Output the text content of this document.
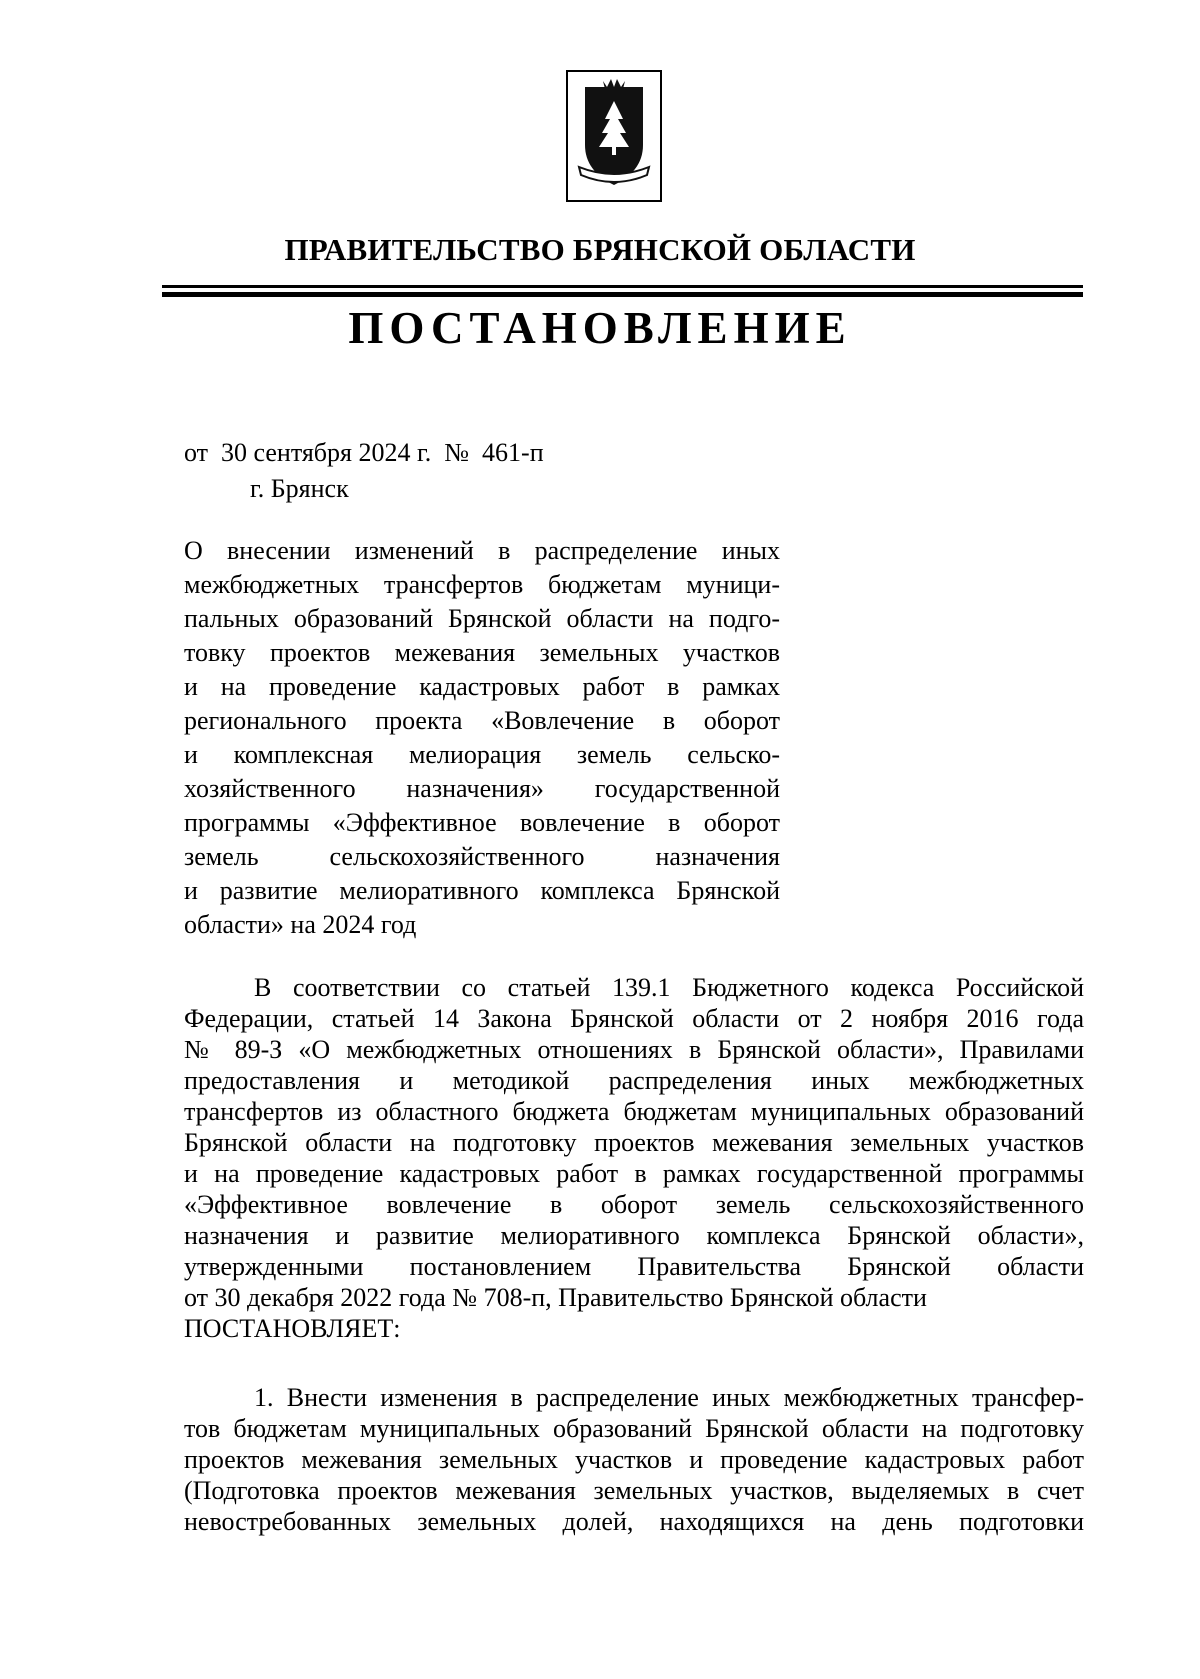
ПРАВИТЕЛЬСТВО БРЯНСКОЙ ОБЛАСТИ
ПОСТАНОВЛЕНИЕ
от  30 сентября 2024 г.  №  461-п
г. Брянск
О внесении изменений в распределение иных
межбюджетных трансфертов бюджетам муници-
пальных образований Брянской области на подго-
товку проектов межевания земельных участков
и на проведение кадастровых работ в рамках
регионального проекта «Вовлечение в оборот
и комплексная мелиорация земель сельско-
хозяйственного назначения» государственной
программы «Эффективное вовлечение в оборот
земель сельскохозяйственного назначения
и развитие мелиоративного комплекса Брянской
области» на 2024 год
В соответствии со статьей 139.1 Бюджетного кодекса Российской
Федерации, статьей 14 Закона Брянской области от 2 ноября 2016 года
№ 89-З «О межбюджетных отношениях в Брянской области», Правилами
предоставления и методикой распределения иных межбюджетных
трансфертов из областного бюджета бюджетам муниципальных образований
Брянской области на подготовку проектов межевания земельных участков
и на проведение кадастровых работ в рамках государственной программы
«Эффективное вовлечение в оборот земель сельскохозяйственного
назначения и развитие мелиоративного комплекса Брянской области»,
утвержденными постановлением Правительства Брянской области
от 30 декабря 2022 года № 708-п, Правительство Брянской области
ПОСТАНОВЛЯЕТ:
1. Внести изменения в распределение иных межбюджетных трансфер-
тов бюджетам муниципальных образований Брянской области на подготовку
проектов межевания земельных участков и проведение кадастровых работ
(Подготовка проектов межевания земельных участков, выделяемых в счет
невостребованных земельных долей, находящихся на день подготовки
